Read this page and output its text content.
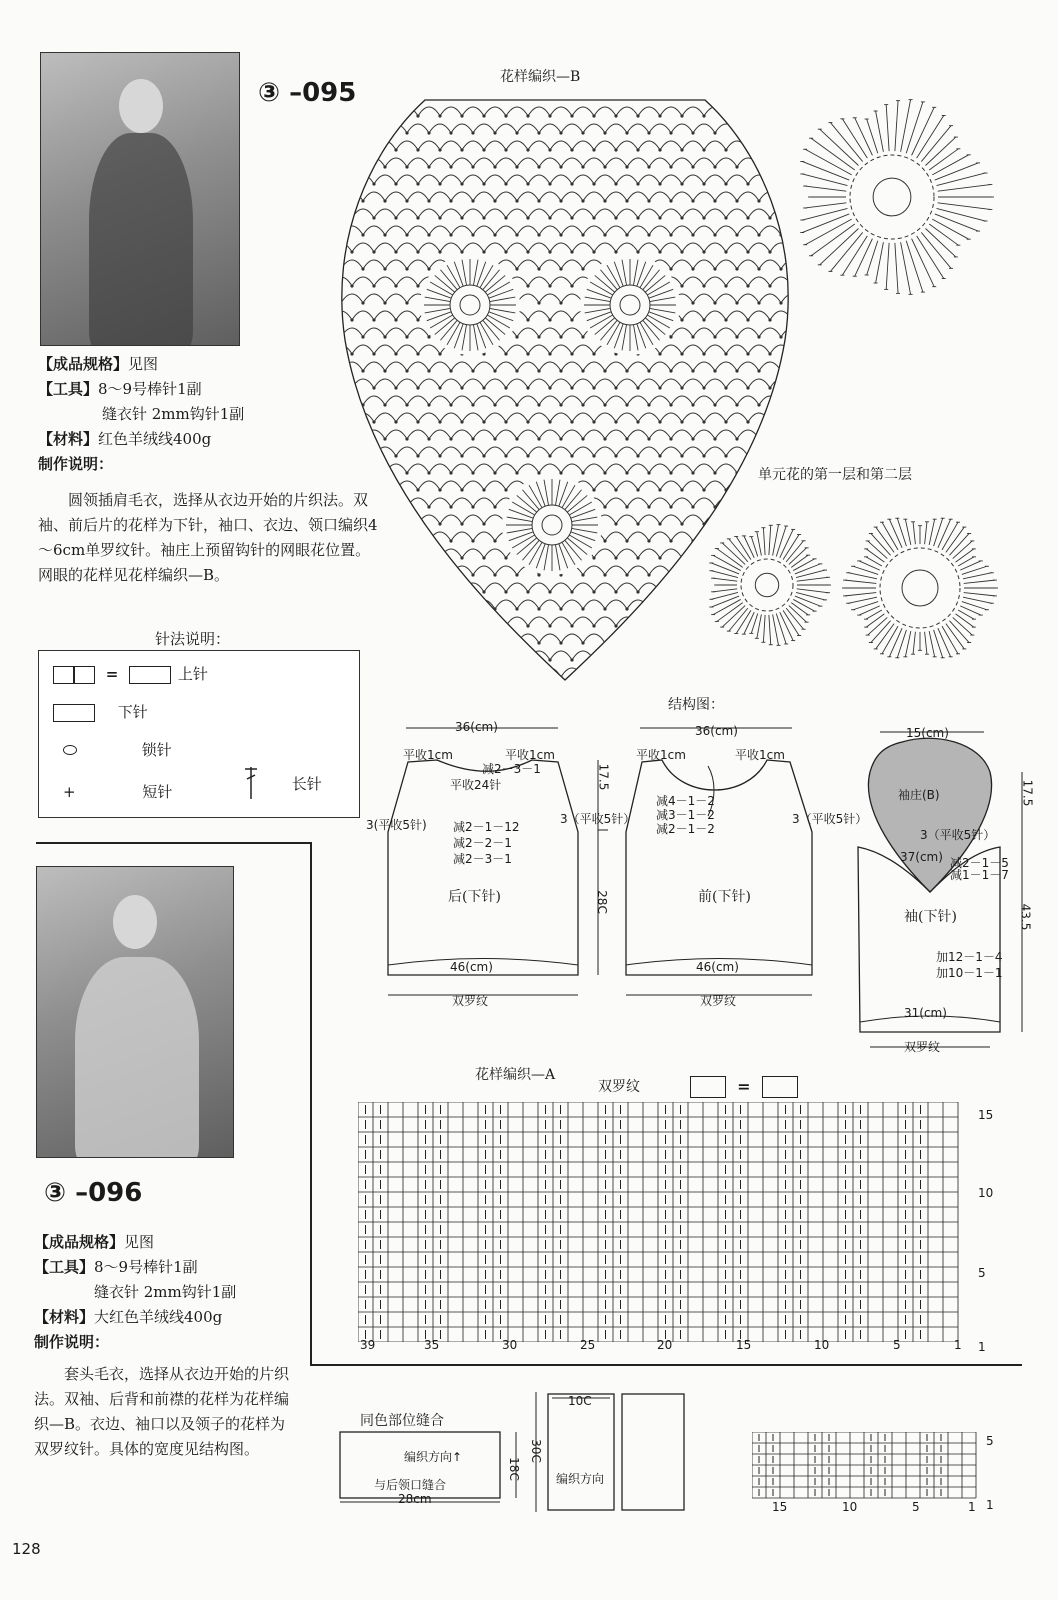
③ –095
【成品规格】见图
【工具】8～9号棒针1副
缝衣针 2mm钩针1副
【材料】红色羊绒线400g
制作说明：
圆领插肩毛衣，选择从衣边开始的片织法。双袖、前后片的花样为下针，袖口、衣边、领口编织4～6cm单罗纹针。袖庄上预留钩针的网眼花位置。网眼的花样见花样编织—B。
针法说明：
=	上针
下针
锁针
+	短针	长针
花样编织—B
单元花的第一层和第二层
结构图：
36(cm)
平收1cm	平收1cm
减2－3－1
平收24针
3(平收5针)	3（平收5针）
减2－1－12
减2－2－1
减2－3－1
后(下针)
46(cm)
双罗纹
17.5
28C
36(cm)
平收1cm	平收1cm
减4－1－2
减3－1－2
减2－1－2
3（平收5针）
前(下针)
46(cm)
双罗纹
15(cm)
袖庄(B)
3（平收5针）
37(cm) 减2－1－5
减1－1－7
袖(下针)
加12－1－4
加10－1－1
31(cm)
双罗纹
17.5
43.5
③ –096
【成品规格】见图
【工具】8～9号棒针1副
缝衣针 2mm钩针1副
【材料】大红色羊绒线400g
制作说明：
套头毛衣，选择从衣边开始的片织法。双袖、后背和前襟的花样为花样编织—B。衣边、袖口以及领子的花样为双罗纹针。具体的宽度见结构图。
花样编织—A
双罗纹	=
15
10
5
1
39	35	30	25	20	15	10	5	1
同色部位缝合
编织方向↑
与后领口缝合
28cm
18C
10C
30C
编织方向
5
1
15	10	5	1
128
